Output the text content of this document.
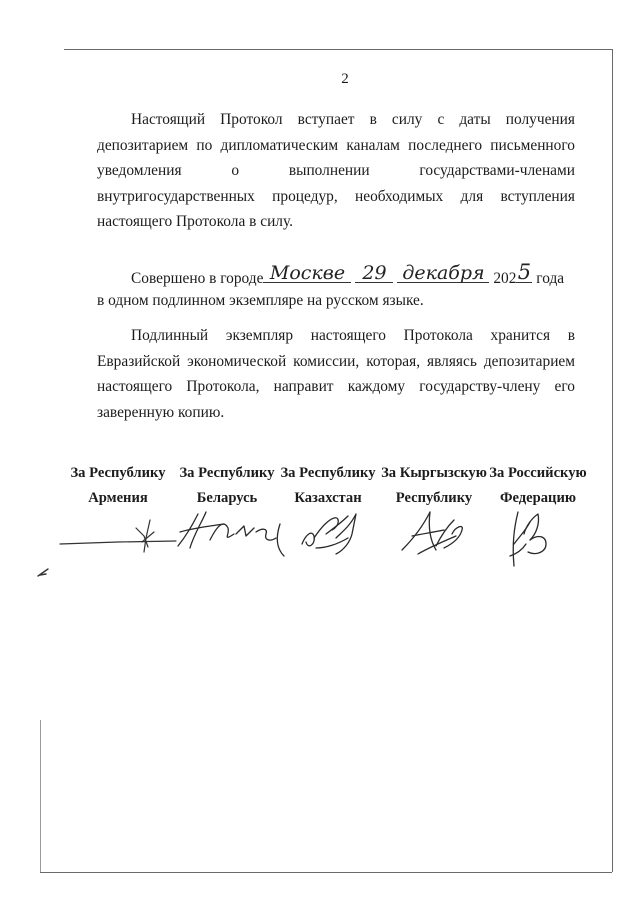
2

Настоящий Протокол вступает в силу с даты получения депозитарием по дипломатическим каналам последнего письменного уведомления о выполнении государствами-членами внутригосударственных процедур, необходимых для вступления настоящего Протокола в силу.

Совершено в городе Москве 29 декабря 202 5 года
в одном подлинном экземпляре на русском языке.

Подлинный экземпляр настоящего Протокола хранится в Евразийской экономической комиссии, которая, являясь депозитарием настоящего Протокола, направит каждому государству-члену его заверенную копию.

За Республику
Армения
За Республику
Беларусь
За Республику
Казахстан
За Кыргызскую
Республику
За Российскую
Федерацию
